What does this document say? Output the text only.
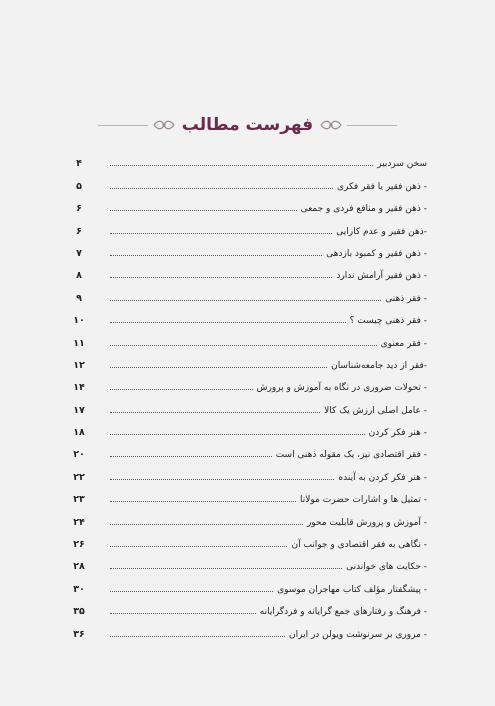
فهرست مطالب
سخن سردبیر
۴
- ذهن فقیر یا فقر فکری
۵
- ذهن فقیر و منافع فردی و جمعی
۶
-ذهن فقیر و عدم کارایی
۶
- ذهن فقیر و کمبود بازدهی
۷
- ذهن فقیر آرامش ندارد
۸
- فقر ذهنی
۹
- فقر ذهنی چیست ؟
۱۰
- فقر معنوی
۱۱
-فقر از دید جامعه‌شناسان
۱۲
- تحولات ضروری در نگاه به آموزش و پرورش
۱۴
- عامل اصلی ارزش یک کالا
۱۷
- هنر فکر کردن
۱۸
- فقر اقتصادی نیز، یک مقوله ذهنی است
۲۰
- هنر فکر کردن به آینده
۲۲
- تمثیل ها و اشارات حضرت مولانا
۲۳
- آموزش و پرورش قابلیت محور
۲۴
- نگاهی به فقر اقتصادی و جوانب آن
۲۶
- حکایت های خواندنی
۲۸
- پیشگفتار مؤلف کتاب مهاجران موسوی
۳۰
- فرهنگ و رفتارهای جمع گرایانه و فردگرایانه
۳۵
- مروری بر سرنوشت ویولن در ایران
۳۶
